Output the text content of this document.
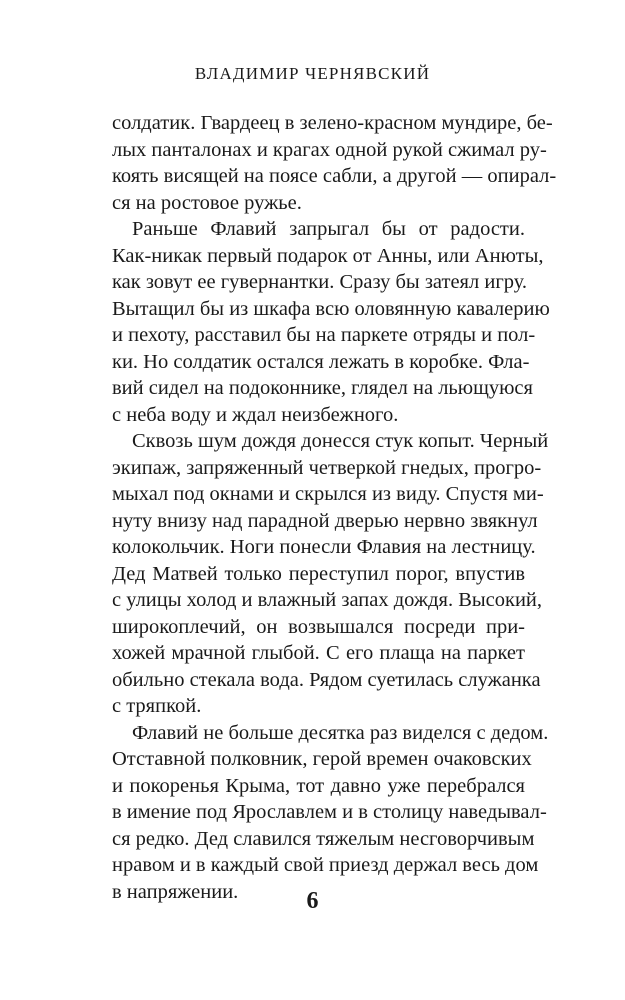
ВЛАДИМИР ЧЕРНЯВСКИЙ
солдатик. Гвардеец в зелено-красном мундире, бе-
лых панталонах и крагах одной рукой сжимал ру-
коять висящей на поясе сабли, а другой — опирал-
ся на ростовое ружье.
Раньше Флавий запрыгал бы от радости.
Как-никак первый подарок от Анны, или Анюты,
как зовут ее гувернантки. Сразу бы затеял игру.
Вытащил бы из шкафа всю оловянную кавалерию
и пехоту, расставил бы на паркете отряды и пол-
ки. Но солдатик остался лежать в коробке. Фла-
вий сидел на подоконнике, глядел на льющуюся
с неба воду и ждал неизбежного.
Сквозь шум дождя донесся стук копыт. Черный
экипаж, запряженный четверкой гнедых, прогро-
мыхал под окнами и скрылся из виду. Спустя ми-
нуту внизу над парадной дверью нервно звякнул
колокольчик. Ноги понесли Флавия на лестницу.
Дед Матвей только переступил порог, впустив
с улицы холод и влажный запах дождя. Высокий,
широкоплечий, он возвышался посреди при-
хожей мрачной глыбой. С его плаща на паркет
обильно стекала вода. Рядом суетилась служанка
с тряпкой.
Флавий не больше десятка раз виделся с дедом.
Отставной полковник, герой времен очаковских
и покоренья Крыма, тот давно уже перебрался
в имение под Ярославлем и в столицу наведывал-
ся редко. Дед славился тяжелым несговорчивым
нравом и в каждый свой приезд держал весь дом
в напряжении.	6
